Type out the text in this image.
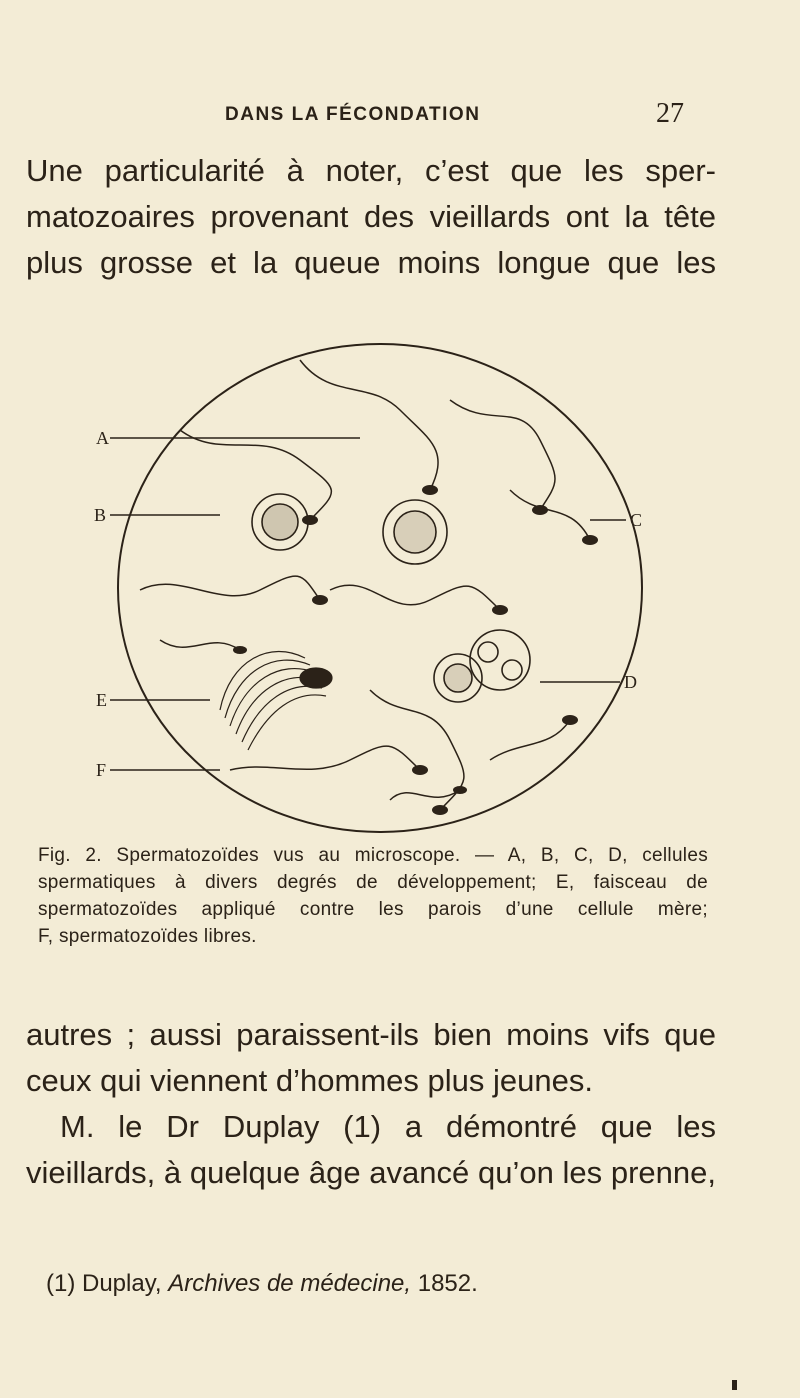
DANS LA FÉCONDATION	27
Une particularité à noter, c’est que les sper-
matozoaires provenant des vieillards ont la tête
plus grosse et la queue moins longue que les
A
B	C
D
E
F
Fig. 2. Spermatozoïdes vus au microscope. — A, B, C, D, cellules
spermatiques à divers degrés de développement; E, faisceau de
spermatozoïdes appliqué contre les parois d’une cellule mère;
F, spermatozoïdes libres.
autres ; aussi paraissent-ils bien moins vifs que
ceux qui viennent d’hommes plus jeunes.
M. le Dr Duplay (1) a démontré que les
vieillards, à quelque âge avancé qu’on les prenne,
(1) Duplay, Archives de médecine, 1852.
